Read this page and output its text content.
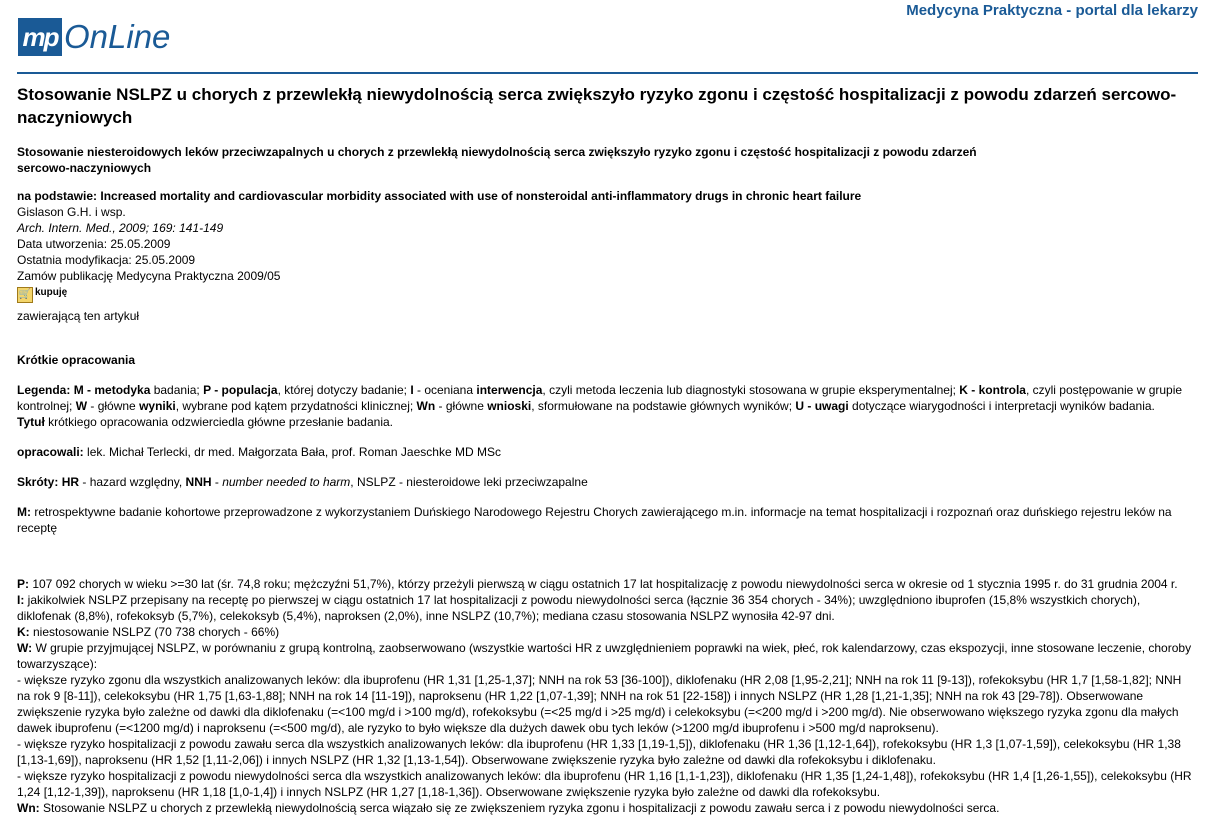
Medycyna Praktyczna - portal dla lekarzy
mp OnLine
Stosowanie NSLPZ u chorych z przewlekłą niewydolnością serca zwiększyło ryzyko zgonu i częstość hospitalizacji z powodu zdarzeń sercowo-naczyniowych
Stosowanie niesteroidowych leków przeciwzapalnych u chorych z przewlekłą niewydolnością serca zwiększyło ryzyko zgonu i częstość hospitalizacji z powodu zdarzeń sercowo-naczyniowych
na podstawie: Increased mortality and cardiovascular morbidity associated with use of nonsteroidal anti-inflammatory drugs in chronic heart failure
Gislason G.H. i wsp.
Arch. Intern. Med., 2009; 169: 141-149
Data utworzenia: 25.05.2009
Ostatnia modyfikacja: 25.05.2009
Zamów publikację Medycyna Praktyczna 2009/05
🛒 kupuję
zawierającą ten artykuł
Krótkie opracowania

Legenda: M - metodyka badania; P - populacja, której dotyczy badanie; I - oceniana interwencja, czyli metoda leczenia lub diagnostyki stosowana w grupie eksperymentalnej; K - kontrola, czyli postępowanie w grupie kontrolnej; W - główne wyniki, wybrane pod kątem przydatności klinicznej; Wn - główne wnioski, sformułowane na podstawie głównych wyników; U - uwagi dotyczące wiarygodności i interpretacji wyników badania.
Tytuł krótkiego opracowania odzwierciedla główne przesłanie badania.

opracowali: lek. Michał Terlecki, dr med. Małgorzata Bała, prof. Roman Jaeschke MD MSc

Skróty: HR - hazard względny, NNH - number needed to harm, NSLPZ - niesteroidowe leki przeciwzapalne

M: retrospektywne badanie kohortowe przeprowadzone z wykorzystaniem Duńskiego Narodowego Rejestru Chorych zawierającego m.in. informacje na temat hospitalizacji i rozpoznań oraz duńskiego rejestru leków na receptę

P: 107 092 chorych w wieku >=30 lat (śr. 74,8 roku; mężczyźni 51,7%), którzy przeżyli pierwszą w ciągu ostatnich 17 lat hospitalizację z powodu niewydolności serca w okresie od 1 stycznia 1995 r. do 31 grudnia 2004 r.
I: jakikolwiek NSLPZ przepisany na receptę po pierwszej w ciągu ostatnich 17 lat hospitalizacji z powodu niewydolności serca (łącznie 36 354 chorych - 34%); uwzględniono ibuprofen (15,8% wszystkich chorych), diklofenak (8,8%), rofekoksyb (5,7%), celekoksyb (5,4%), naproksen (2,0%), inne NSLPZ (10,7%); mediana czasu stosowania NSLPZ wynosiła 42-97 dni.
K: niestosowanie NSLPZ (70 738 chorych - 66%)
W: W grupie przyjmującej NSLPZ, w porównaniu z grupą kontrolną, zaobserwowano (wszystkie wartości HR z uwzględnieniem poprawki na wiek, płeć, rok kalendarzowy, czas ekspozycji, inne stosowane leczenie, choroby towarzyszące):
- większe ryzyko zgonu dla wszystkich analizowanych leków: dla ibuprofenu (HR 1,31 [1,25-1,37]; NNH na rok 53 [36-100]), diklofenaku (HR 2,08 [1,95-2,21]; NNH na rok 11 [9-13]), rofekoksybu (HR 1,7 [1,58-1,82]; NNH na rok 9 [8-11]), celekoksybu (HR 1,75 [1,63-1,88]; NNH na rok 14 [11-19]), naproksenu (HR 1,22 [1,07-1,39]; NNH na rok 51 [22-158]) i innych NSLPZ (HR 1,28 [1,21-1,35]; NNH na rok 43 [29-78]). Obserwowane zwiększenie ryzyka było zależne od dawki dla diklofenaku (=<100 mg/d i >100 mg/d), rofekoksybu (=<25 mg/d i >25 mg/d) i celekoksybu (=<200 mg/d i >200 mg/d). Nie obserwowano większego ryzyka zgonu dla małych dawek ibuprofenu (=<1200 mg/d) i naproksenu (=<500 mg/d), ale ryzyko to było większe dla dużych dawek obu tych leków (>1200 mg/d ibuprofenu i >500 mg/d naproksenu).
- większe ryzyko hospitalizacji z powodu zawału serca dla wszystkich analizowanych leków: dla ibuprofenu (HR 1,33 [1,19-1,5]), diklofenaku (HR 1,36 [1,12-1,64]), rofekoksybu (HR 1,3 [1,07-1,59]), celekoksybu (HR 1,38 [1,13-1,69]), naproksenu (HR 1,52 [1,11-2,06]) i innych NSLPZ (HR 1,32 [1,13-1,54]). Obserwowane zwiększenie ryzyka było zależne od dawki dla rofekoksybu i diklofenaku.
- większe ryzyko hospitalizacji z powodu niewydolności serca dla wszystkich analizowanych leków: dla ibuprofenu (HR 1,16 [1,1-1,23]), diklofenaku (HR 1,35 [1,24-1,48]), rofekoksybu (HR 1,4 [1,26-1,55]), celekoksybu (HR 1,24 [1,12-1,39]), naproksenu (HR 1,18 [1,0-1,4]) i innych NSLPZ (HR 1,27 [1,18-1,36]). Obserwowane zwiększenie ryzyka było zależne od dawki dla rofekoksybu.
Wn: Stosowanie NSLPZ u chorych z przewlekłą niewydolnością serca wiązało się ze zwiększeniem ryzyka zgonu i hospitalizacji z powodu zawału serca i z powodu niewydolności serca.
